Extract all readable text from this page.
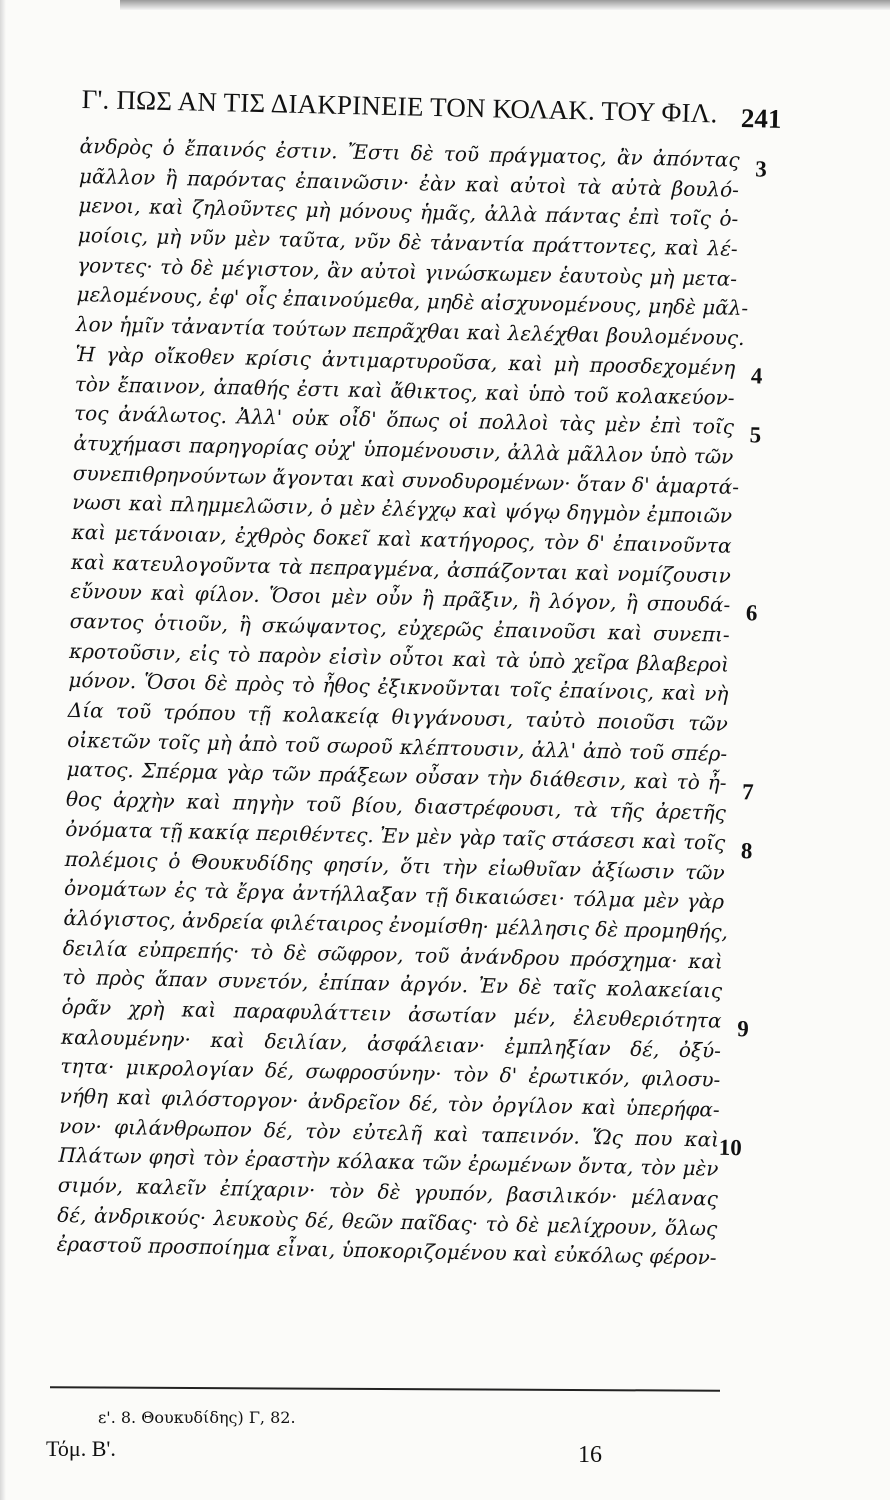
Γ'. ΠΩΣ ΑΝ ΤΙΣ ΔΙΑΚΡΙΝΕΙΕ ΤΟΝ ΚΟΛΑΚ. ΤΟΥ ΦΙΛ. 241
ἀνδρὸς ὁ ἔπαινός ἐστιν. Ἔστι δὲ τοῦ πράγματος, ἂν ἀπόντας
μᾶλλον ἢ παρόντας ἐπαινῶσιν· ἐὰν καὶ αὐτοὶ τὰ αὐτὰ βουλό-
μενοι, καὶ ζηλοῦντες μὴ μόνους ἡμᾶς, ἀλλὰ πάντας ἐπὶ τοῖς ὁ-
μοίοις, μὴ νῦν μὲν ταῦτα, νῦν δὲ τἀναντία πράττοντες, καὶ λέ-
γοντες· τὸ δὲ μέγιστον, ἂν αὐτοὶ γινώσκωμεν ἑαυτοὺς μὴ μετα-
μελομένους, ἐφ' οἷς ἐπαινούμεθα, μηδὲ αἰσχυνομένους, μηδὲ μᾶλ-
λον ἡμῖν τἀναντία τούτων πεπρᾶχθαι καὶ λελέχθαι βουλομένους.
Ἡ γὰρ οἴκοθεν κρίσις ἀντιμαρτυροῦσα, καὶ μὴ προσδεχομένη
τὸν ἔπαινον, ἀπαθής ἐστι καὶ ἄθικτος, καὶ ὑπὸ τοῦ κολακεύον-
τος ἀνάλωτος. Ἀλλ' οὐκ οἶδ' ὅπως οἱ πολλοὶ τὰς μὲν ἐπὶ τοῖς
ἀτυχήμασι παρηγορίας οὐχ' ὑπομένουσιν, ἀλλὰ μᾶλλον ὑπὸ τῶν
συνεπιθρηνούντων ἄγονται καὶ συνοδυρομένων· ὅταν δ' ἁμαρτά-
νωσι καὶ πλημμελῶσιν, ὁ μὲν ἐλέγχῳ καὶ ψόγῳ δηγμὸν ἐμποιῶν
καὶ μετάνοιαν, ἐχθρὸς δοκεῖ καὶ κατήγορος, τὸν δ' ἐπαινοῦντα
καὶ κατευλογοῦντα τὰ πεπραγμένα, ἀσπάζονται καὶ νομίζουσιν
εὔνουν καὶ φίλον. Ὅσοι μὲν οὖν ἢ πρᾶξιν, ἢ λόγον, ἢ σπουδά-
σαντος ὁτιοῦν, ἢ σκώψαντος, εὐχερῶς ἐπαινοῦσι καὶ συνεπι-
κροτοῦσιν, εἰς τὸ παρὸν εἰσὶν οὗτοι καὶ τὰ ὑπὸ χεῖρα βλαβεροὶ
μόνον. Ὅσοι δὲ πρὸς τὸ ἦθος ἐξικνοῦνται τοῖς ἐπαίνοις, καὶ νὴ
Δία τοῦ τρόπου τῇ κολακείᾳ θιγγάνουσι, ταὐτὸ ποιοῦσι τῶν
οἰκετῶν τοῖς μὴ ἀπὸ τοῦ σωροῦ κλέπτουσιν, ἀλλ' ἀπὸ τοῦ σπέρ-
ματος. Σπέρμα γὰρ τῶν πράξεων οὖσαν τὴν διάθεσιν, καὶ τὸ ἦ-
θος ἀρχὴν καὶ πηγὴν τοῦ βίου, διαστρέφουσι, τὰ τῆς ἀρετῆς
ὀνόματα τῇ κακίᾳ περιθέντες. Ἐν μὲν γὰρ ταῖς στάσεσι καὶ τοῖς
πολέμοις ὁ Θουκυδίδης φησίν, ὅτι τὴν εἰωθυῖαν ἀξίωσιν τῶν
ὀνομάτων ἐς τὰ ἔργα ἀντήλλαξαν τῇ δικαιώσει· τόλμα μὲν γὰρ
ἀλόγιστος, ἀνδρεία φιλέταιρος ἐνομίσθη· μέλλησις δὲ προμηθής,
δειλία εὐπρεπής· τὸ δὲ σῶφρον, τοῦ ἀνάνδρου πρόσχημα· καὶ
τὸ πρὸς ἅπαν συνετόν, ἐπίπαν ἀργόν. Ἐν δὲ ταῖς κολακείαις
ὁρᾶν χρὴ καὶ παραφυλάττειν ἀσωτίαν μέν, ἐλευθεριότητα
καλουμένην· καὶ δειλίαν, ἀσφάλειαν· ἐμπληξίαν δέ, ὀξύ-
τητα· μικρολογίαν δέ, σωφροσύνην· τὸν δ' ἐρωτικόν, φιλοσυ-
νήθη καὶ φιλόστοργον· ἀνδρεῖον δέ, τὸν ὀργίλον καὶ ὑπερήφα-
νον· φιλάνθρωπον δέ, τὸν εὐτελῆ καὶ ταπεινόν. Ὥς που καὶ
Πλάτων φησὶ τὸν ἐραστὴν κόλακα τῶν ἐρωμένων ὄντα, τὸν μὲν
σιμόν, καλεῖν ἐπίχαριν· τὸν δὲ γρυπόν, βασιλικόν· μέλανας
δέ, ἀνδρικούς· λευκοὺς δέ, θεῶν παῖδας· τὸ δὲ μελίχρουν, ὅλως
ἐραστοῦ προσποίημα εἶναι, ὑποκοριζομένου καὶ εὐκόλως φέρον-
3
4
5
6
7
8
9
10
ε'. 8. Θουκυδίδης) Γ, 82.
Τόμ. Β'.	16
